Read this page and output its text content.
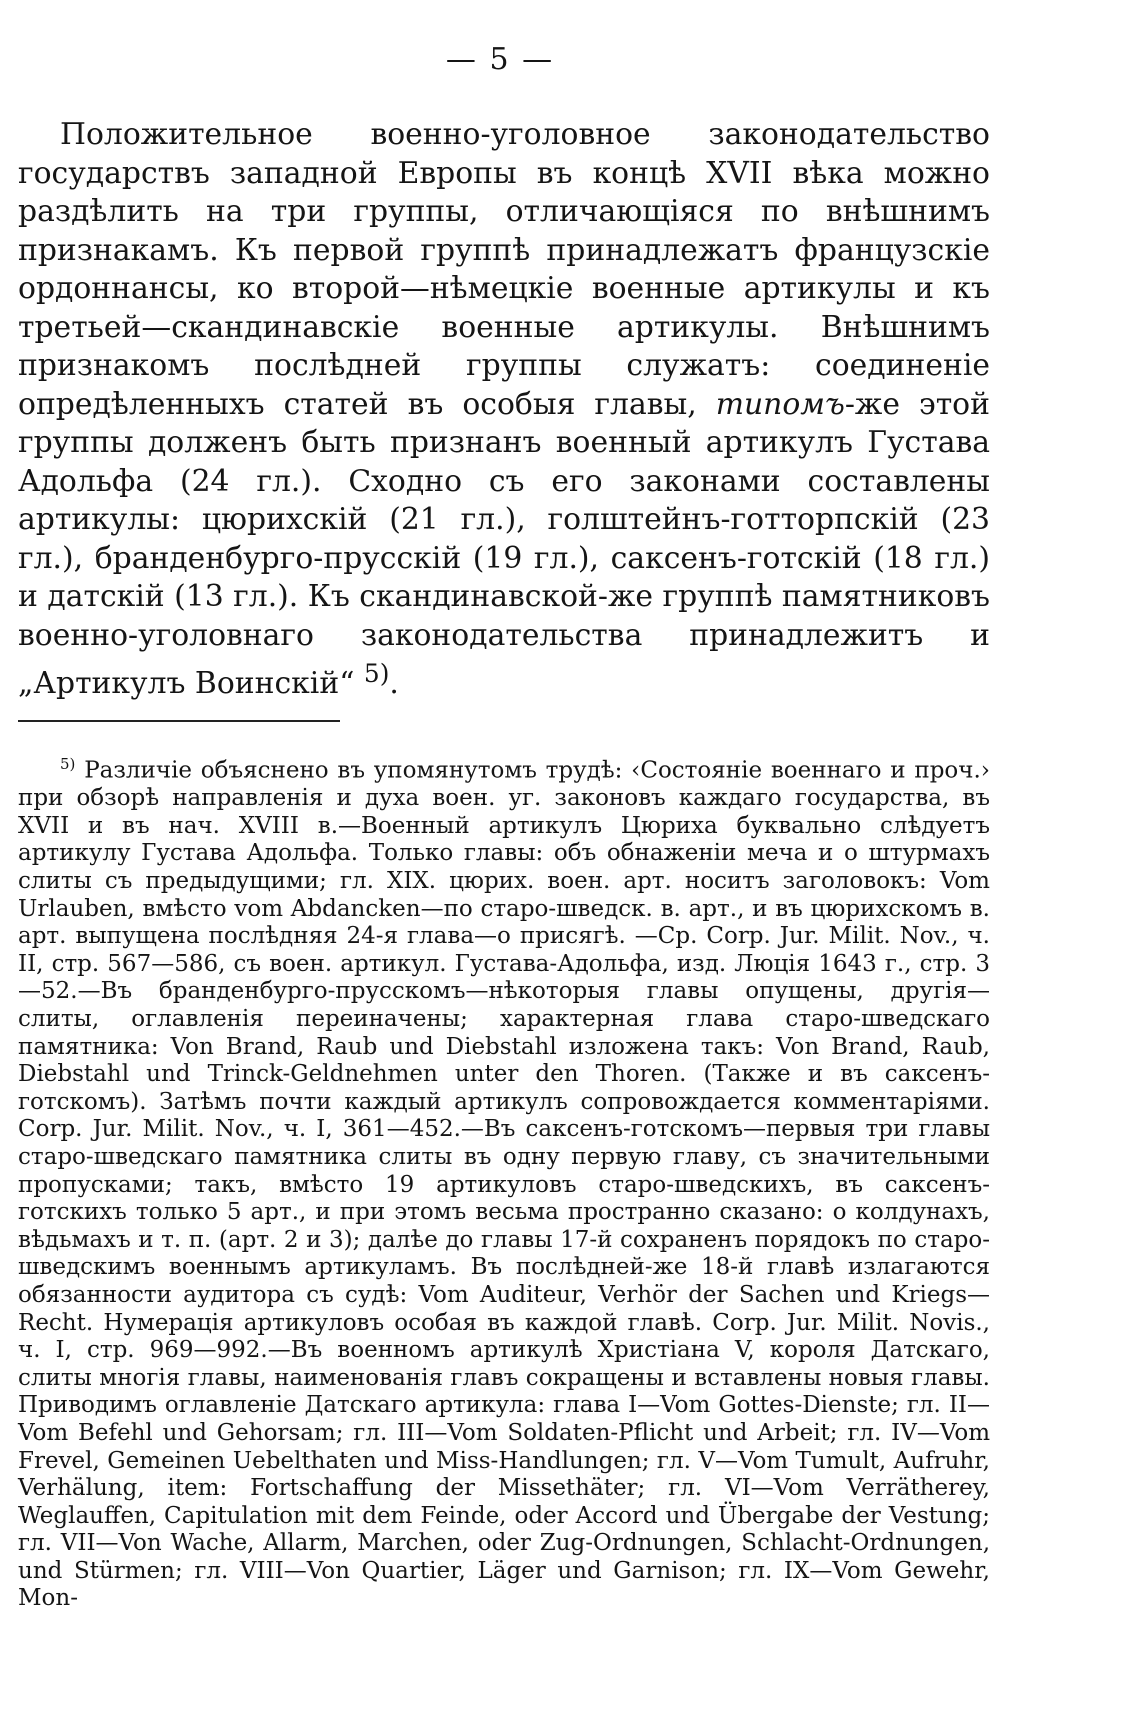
— 5 —

Положительное военно-уголовное законодательство государствъ западной Европы въ концѣ XVII вѣка можно раздѣлить на три группы, отличающіяся по внѣшнимъ признакамъ. Къ первой группѣ принадлежатъ французскіе ордоннансы, ко второй—нѣмецкіе военные артикулы и къ третьей—скандинавскіе военные артикулы. Внѣшнимъ признакомъ послѣдней группы служатъ: соединеніе опредѣленныхъ статей въ особыя главы, типомъ-же этой группы долженъ быть признанъ военный артикулъ Густава Адольфа (24 гл.). Сходно съ его законами составлены артикулы: цюрихскій (21 гл.), голштейнъ-готторпскій (23 гл.), бранденбурго-прусскій (19 гл.), саксенъ-готскій (18 гл.) и датскій (13 гл.). Къ скандинавской-же группѣ памятниковъ военно-уголовнаго законодательства принадлежитъ и „Артикулъ Воинскій“ $^{5)}$.

$^{5)}$ Различіе объяснено въ упомянутомъ трудѣ: ‹Состояніе военнаго и проч.› при обзорѣ направленія и духа воен. уг. законовъ каждаго государства, въ XVII и въ нач. XVIII в.—Военный артикулъ Цюриха буквально слѣдуетъ артикулу Густава Адольфа. Только главы: объ обнаженіи меча и о штурмахъ слиты съ предыдущими; гл. XIX. цюрих. воен. арт. носитъ заголовокъ: Vom Urlauben, вмѣсто vom Abdancken—по старо-шведск. в. арт., и въ цюрихскомъ в. арт. выпущена послѣдняя 24-я глава—о присягѣ. —Ср. Corp. Jur. Milit. Nov., ч. II, стр. 567—586, съ воен. артикул. Густава-Адольфа, изд. Люція 1643 г., стр. 3—52.—Въ бранденбурго-прусскомъ—нѣкоторыя главы опущены, другія—слиты, оглавленія переиначены; характерная глава старо-шведскаго памятника: Von Brand, Raub und Diebstahl изложена такъ: Von Brand, Raub, Diebstahl und Trinck-Geldnehmen unter den Thoren. (Также и въ саксенъ-готскомъ). Затѣмъ почти каждый артикулъ сопровождается комментаріями. Corp. Jur. Milit. Nov., ч. I, 361—452.—Въ саксенъ-готскомъ—первыя три главы старо-шведскаго памятника слиты въ одну первую главу, съ значительными пропусками; такъ, вмѣсто 19 артикуловъ старо-шведскихъ, въ саксенъ-готскихъ только 5 арт., и при этомъ весьма пространно сказано: о колдунахъ, вѣдьмахъ и т. п. (арт. 2 и 3); далѣе до главы 17-й сохраненъ порядокъ по старо-шведскимъ военнымъ артикуламъ. Въ послѣдней-же 18-й главѣ излагаются обязанности аудитора съ судѣ: Vom Auditeur, Verhör der Sachen und Kriegs—Recht. Нумерація артикуловъ особая въ каждой главѣ. Corp. Jur. Milit. Novis., ч. I, стр. 969—992.—Въ военномъ артикулѣ Христіана V, короля Датскаго, слиты многія главы, наименованія главъ сокращены и вставлены новыя главы. Приводимъ оглавленіе Датскаго артикула: глава I—Vom Gottes-Dienste; гл. II—Vom Befehl und Gehorsam; гл. III—Vom Soldaten-Pflicht und Arbeit; гл. IV—Vom Frevel, Gemeinen Uebelthaten und Miss-Handlungen; гл. V—Vom Tumult, Aufruhr, Verhälung, item: Fortschaffung der Missethäter; гл. VI—Vom Verrätherey, Weglauffen, Capitulation mit dem Feinde, oder Accord und Übergabe der Vestung; гл. VII—Von Wache, Allarm, Marchen, oder Zug-Ordnungen, Schlacht-Ordnungen, und Stürmen; гл. VIII—Von Quartier, Läger und Garnison; гл. IX—Vom Gewehr, Mon-
